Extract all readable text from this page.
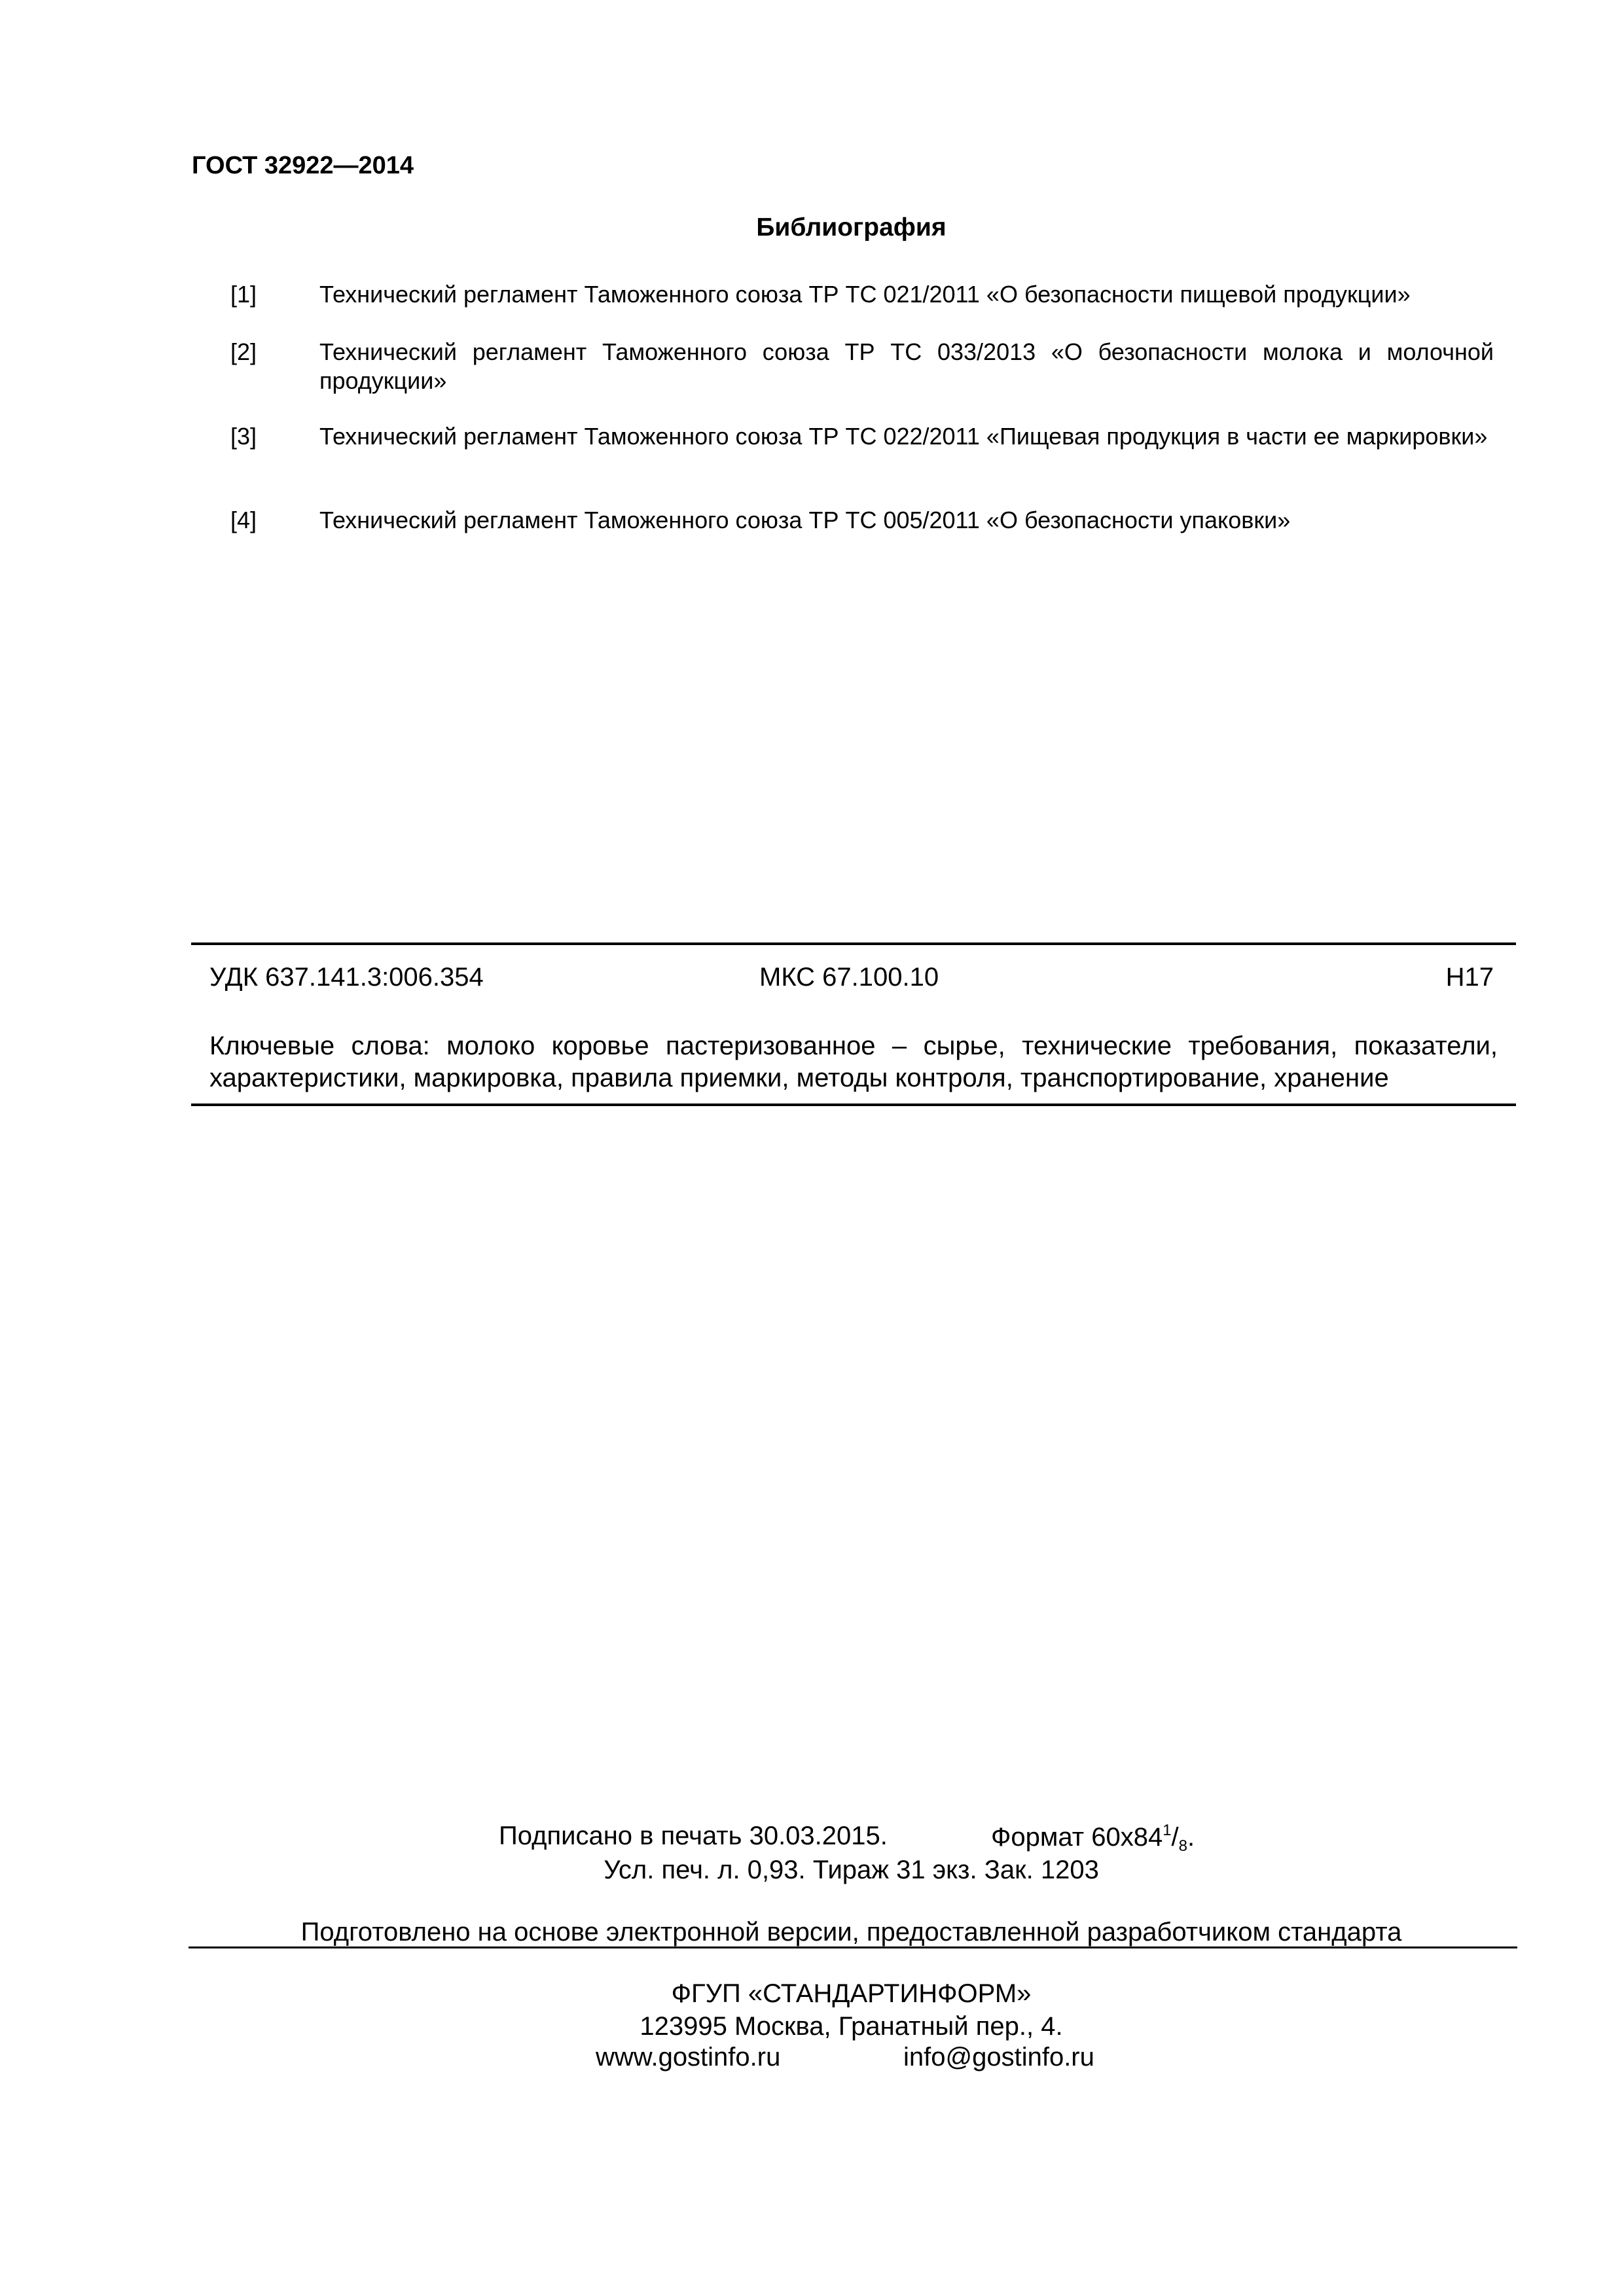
ГОСТ 32922—2014
Библиография
[1]	Технический регламент Таможенного союза ТР ТС 021/2011 «О безопасности пищевой продукции»
[2]	Технический регламент Таможенного союза ТР ТС 033/2013 «О безопасности молока и молочной продукции»
[3]	Технический регламент Таможенного союза ТР ТС 022/2011 «Пищевая продукция в части ее маркировки»
[4]	Технический регламент Таможенного союза ТР ТС 005/2011 «О безопасности упаковки»
УДК 637.141.3:006.354	МКС 67.100.10	Н17
Ключевые слова: молоко коровье пастеризованное – сырье, технические требования, показатели, характеристики, маркировка, правила приемки, методы контроля, транспортирование, хранение
Подписано в печать 30.03.2015.	Формат $60х84^1/_8$.
Усл. печ. л. 0,93. Тираж 31 экз. Зак. 1203
Подготовлено на основе электронной версии, предоставленной разработчиком стандарта
ФГУП «СТАНДАРТИНФОРМ»
123995 Москва, Гранатный пер., 4.
www.gostinfo.ru	info@gostinfo.ru
